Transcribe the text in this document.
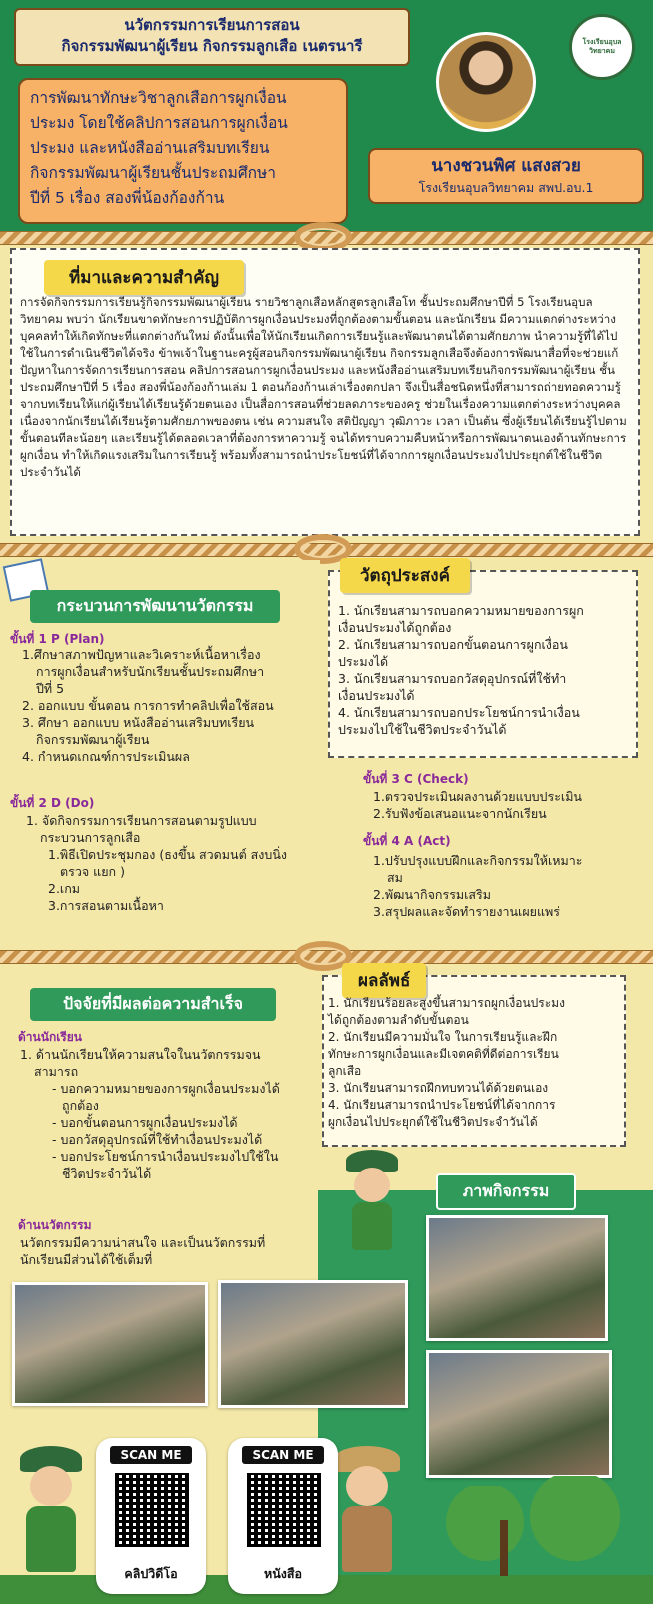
นวัตกรรมการเรียนการสอน
กิจกรรมพัฒนาผู้เรียน กิจกรรมลูกเสือ เนตรนารี
การพัฒนาทักษะวิชาลูกเสือการผูกเงื่อน
ประมง โดยใช้คลิปการสอนการผูกเงื่อน
ประมง และหนังสืออ่านเสริมบทเรียน
กิจกรรมพัฒนาผู้เรียนชั้นประถมศึกษา
ปีที่ 5 เรื่อง สองพี่น้องก้องก้าน
โรงเรียนอุบลวิทยาคม
นางชวนพิศ แสงสวย
โรงเรียนอุบลวิทยาคม สพป.อบ.1
ที่มาและความสำคัญ
การจัดกิจกรรมการเรียนรู้กิจกรรมพัฒนาผู้เรียน รายวิชาลูกเสือหลักสูตรลูกเสือโท ชั้นประถมศึกษาปีที่ 5 โรงเรียนอุบลวิทยาคม พบว่า นักเรียนขาดทักษะการปฏิบัติการผูกเงื่อนประมงที่ถูกต้องตามขั้นตอน และนักเรียน มีความแตกต่างระหว่างบุคคลทำให้เกิดทักษะที่แตกต่างกันใหม่ ดังนั้นเพื่อให้นักเรียนเกิดการเรียนรู้และพัฒนาตนได้ตามศักยภาพ นำความรู้ที่ได้ไปใช้ในการดำเนินชีวิตได้จริง ข้าพเจ้าในฐานะครูผู้สอนกิจกรรมพัฒนาผู้เรียน กิจกรรมลูกเสือจึงต้องการพัฒนาสื่อที่จะช่วยแก้ปัญหาในการจัดการเรียนการสอน คลิปการสอนการผูกเงื่อนประมง และหนังสืออ่านเสริมบทเรียนกิจกรรมพัฒนาผู้เรียน ชั้นประถมศึกษาปีที่ 5 เรื่อง สองพี่น้องก้องก้านเล่ม 1 ตอนก้องก้านเล่าเรื่องตกปลา จึงเป็นสื่อชนิดหนึ่งที่สามารถถ่ายทอดความรู้จากบทเรียนให้แก่ผู้เรียนได้เรียนรู้ด้วยตนเอง เป็นสื่อการสอนที่ช่วยลดภาระของครู ช่วยในเรื่องความแตกต่างระหว่างบุคคล เนื่องจากนักเรียนได้เรียนรู้ตามศักยภาพของตน เช่น ความสนใจ สติปัญญา วุฒิภาวะ เวลา เป็นต้น ซึ่งผู้เรียนได้เรียนรู้ไปตามขั้นตอนทีละน้อยๆ และเรียนรู้ได้ตลอดเวลาที่ต้องการหาความรู้ จนได้ทราบความคืบหน้าหรือการพัฒนาตนเองด้านทักษะการผูกเงื่อน ทำให้เกิดแรงเสริมในการเรียนรู้ พร้อมทั้งสามารถนำประโยชน์ที่ได้จากการผูกเงื่อนประมงไปประยุกต์ใช้ในชีวิตประจำวันได้
กระบวนการพัฒนานวัตกรรม
ขั้นที่ 1 P (Plan)
1.ศึกษาสภาพปัญหาและวิเคราะห์เนื้อหาเรื่อง
การผูกเงื่อนสำหรับนักเรียนชั้นประถมศึกษา
ปีที่ 5
2. ออกแบบ ขั้นตอน การการทำคลิปเพื่อใช้สอน
3. ศึกษา ออกแบบ หนังสืออ่านเสริมบทเรียน
กิจกรรมพัฒนาผู้เรียน
4. กำหนดเกณฑ์การประเมินผล
ขั้นที่ 2 D (Do)
1. จัดกิจกรรมการเรียนการสอนตามรูปแบบ
กระบวนการลูกเสือ
1.พิธีเปิดประชุมกอง (ธงขึ้น สวดมนต์ สงบนิ่ง
ตรวจ แยก )
2.เกม
3.การสอนตามเนื้อหา
วัตถุประสงค์
1. นักเรียนสามารถบอกความหมายของการผูก
เงื่อนประมงได้ถูกต้อง
2. นักเรียนสามารถบอกขั้นตอนการผูกเงื่อน
ประมงได้
3. นักเรียนสามารถบอกวัสดุอุปกรณ์ที่ใช้ทำ
เงื่อนประมงได้
4. นักเรียนสามารถบอกประโยชน์การนำเงื่อน
ประมงไปใช้ในชีวิตประจำวันได้
ขั้นที่ 3 C (Check)
1.ตรวจประเมินผลงานด้วยแบบประเมิน
2.รับฟังข้อเสนอแนะจากนักเรียน
ขั้นที่ 4 A (Act)
1.ปรับปรุงแบบฝึกและกิจกรรมให้เหมาะ
สม
2.พัฒนากิจกรรมเสริม
3.สรุปผลและจัดทำรายงานเผยแพร่
ปัจจัยที่มีผลต่อความสำเร็จ
ด้านนักเรียน
1. ด้านนักเรียนให้ความสนใจในนวัตกรรมจน
สามารถ
- บอกความหมายของการผูกเงื่อนประมงได้
ถูกต้อง
- บอกขั้นตอนการผูกเงื่อนประมงได้
- บอกวัสดุอุปกรณ์ที่ใช้ทำเงื่อนประมงได้
- บอกประโยชน์การนำเงื่อนประมงไปใช้ใน
ชีวิตประจำวันได้
ด้านนวัตกรรม
นวัตกรรมมีความน่าสนใจ และเป็นนวัตกรรมที่
นักเรียนมีส่วนได้ใช้เต็มที่
ผลลัพธ์
1. นักเรียนร้อยละสูงขึ้นสามารถผูกเงื่อนประมง
ได้ถูกต้องตามลำดับขั้นตอน
2. นักเรียนมีความมั่นใจ ในการเรียนรู้และฝึก
ทักษะการผูกเงื่อนและมีเจตคติที่ดีต่อการเรียน
ลูกเสือ
3. นักเรียนสามารถฝึกทบทวนได้ด้วยตนเอง
4. นักเรียนสามารถนำประโยชน์ที่ได้จากการ
ผูกเงื่อนไปประยุกต์ใช้ในชีวิตประจำวันได้
ภาพกิจกรรม
SCAN ME
คลิปวิดีโอ
SCAN ME
หนังสือ
